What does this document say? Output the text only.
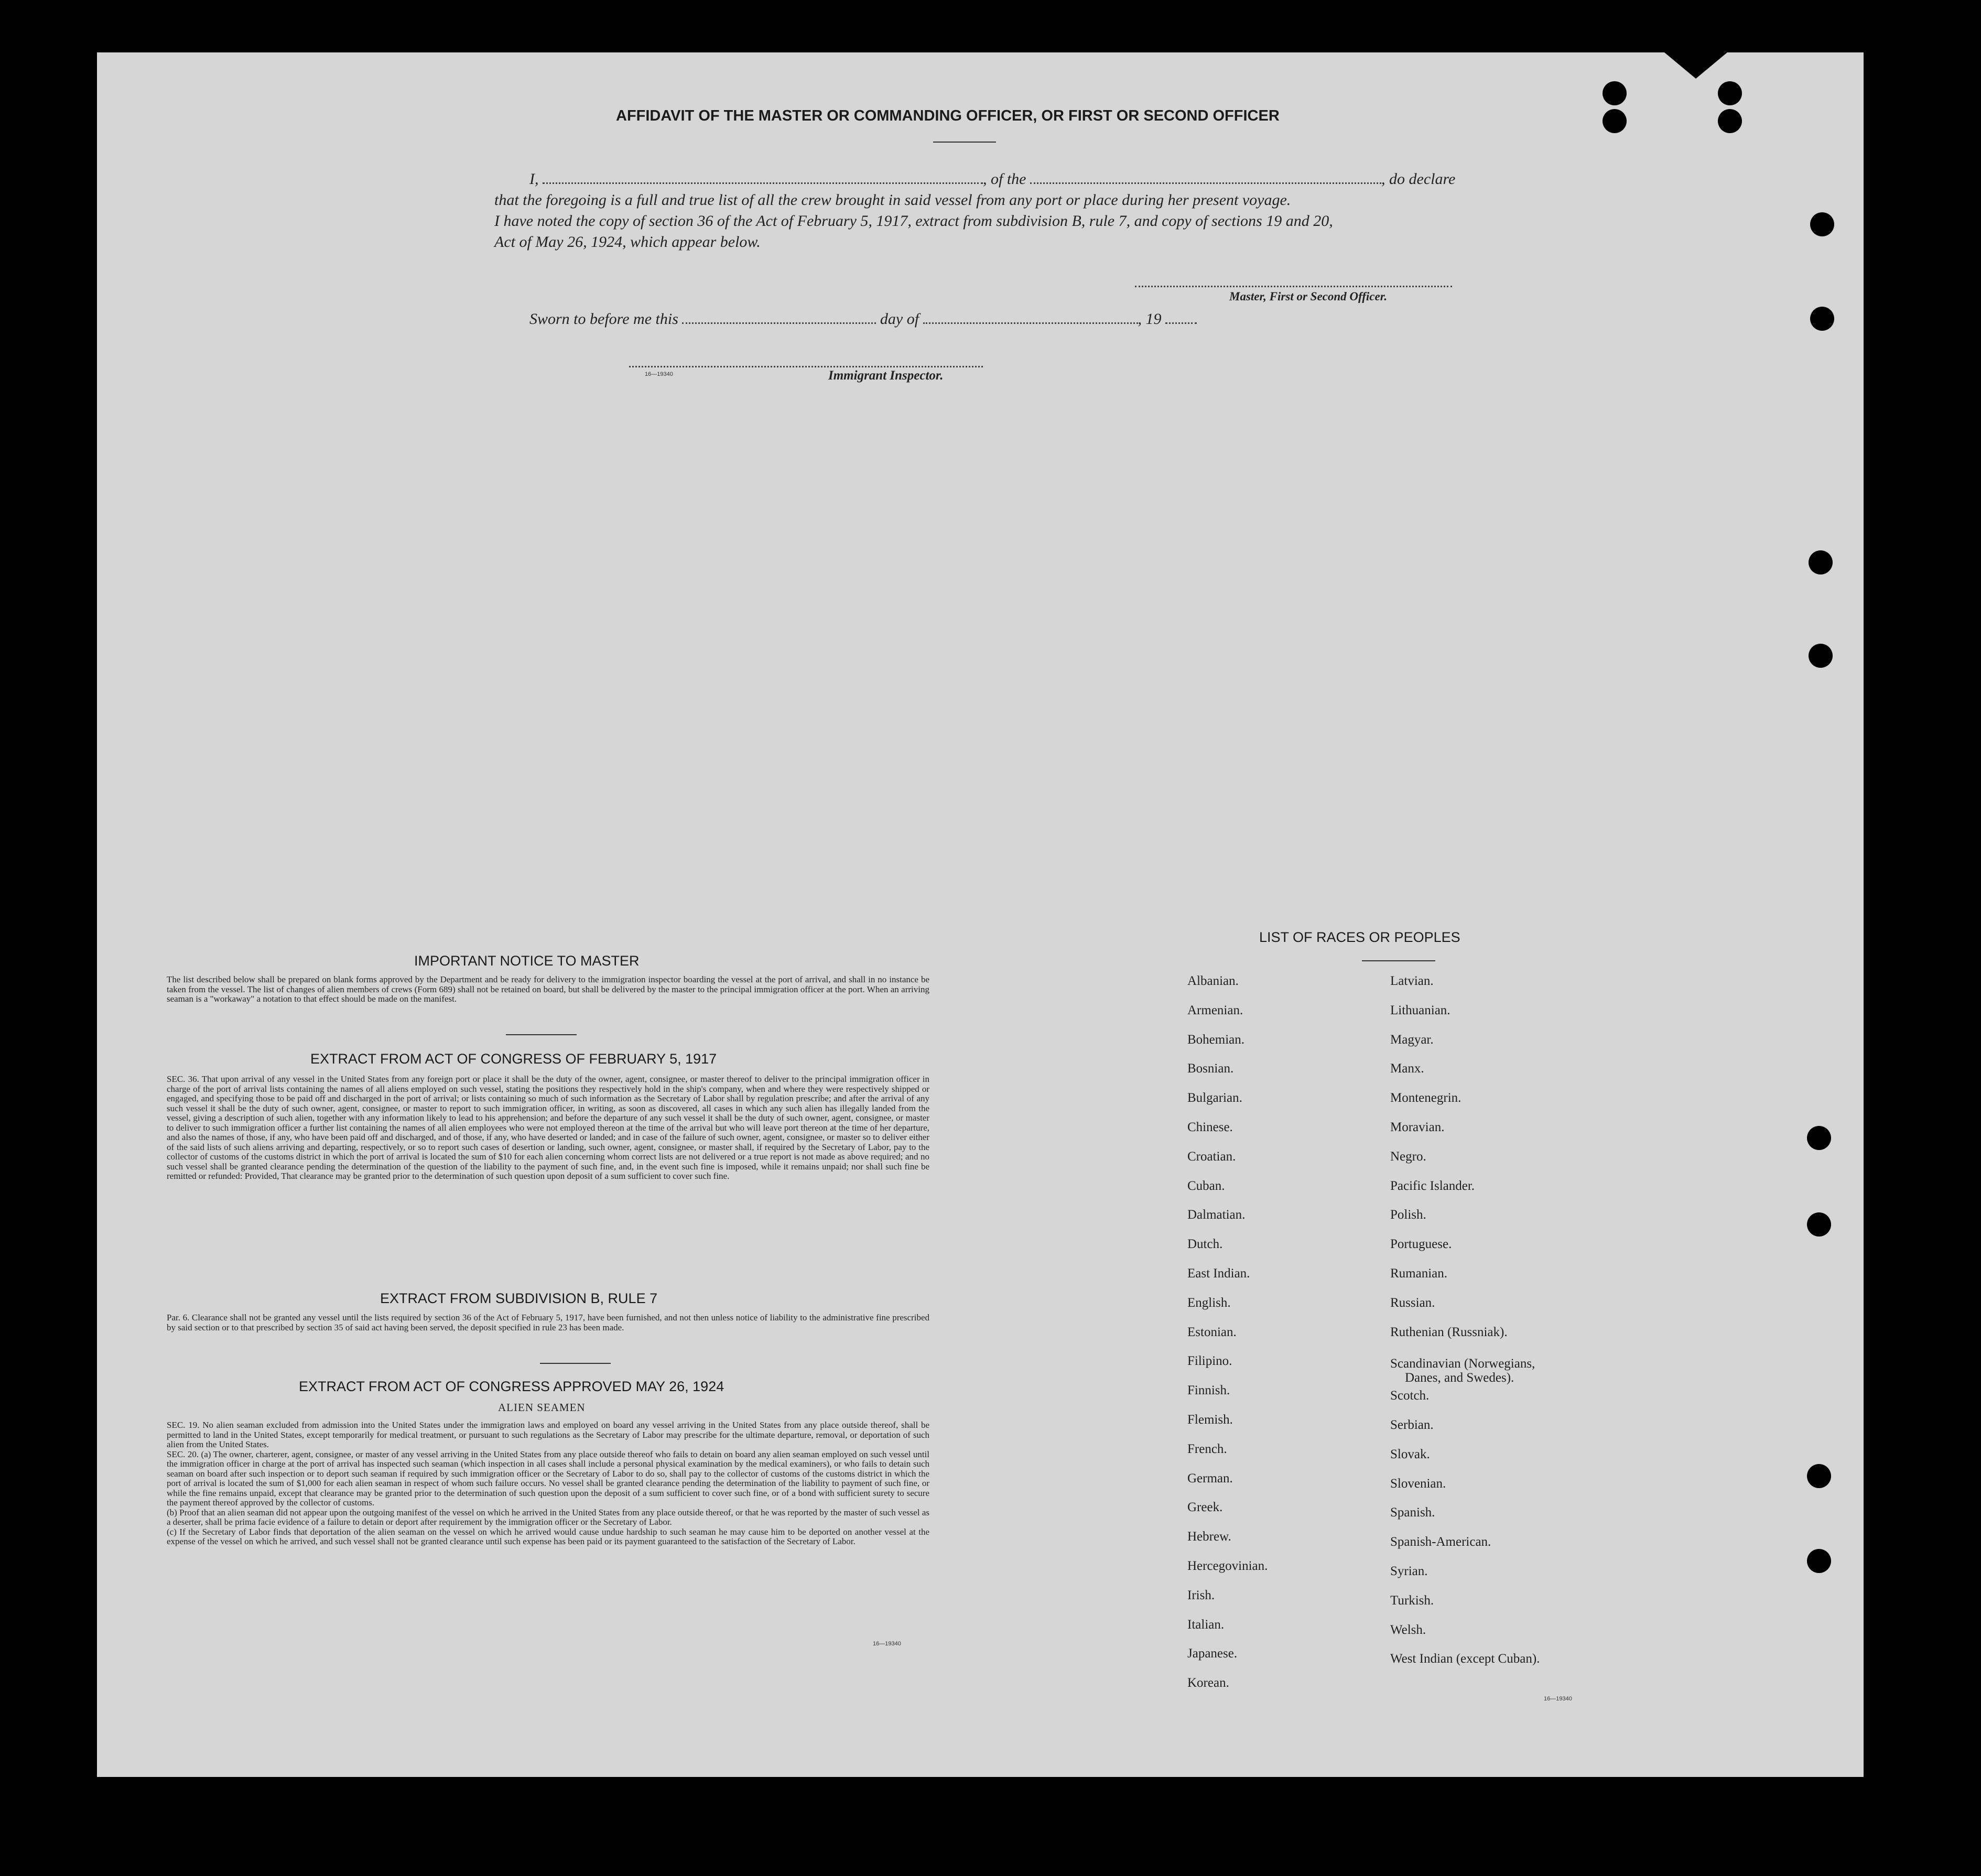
AFFIDAVIT OF THE MASTER OR COMMANDING OFFICER, OR FIRST OR SECOND OFFICER
I,	, of the	, do declare
that the foregoing is a full and true list of all the crew brought in said vessel from any port or place during her present voyage.
I have noted the copy of section 36 of the Act of February 5, 1917, extract from subdivision B, rule 7, and copy of sections 19 and 20,
Act of May 26, 1924, which appear below.
Master, First or Second Officer.
Sworn to before me this	day of	, 19
16—19340	Immigrant Inspector.
IMPORTANT NOTICE TO MASTER
The list described below shall be prepared on blank forms approved by the Department and be ready for delivery to the immigration inspector boarding the vessel at the port of arrival, and shall in no instance be taken from the vessel. The list of changes of alien members of crews (Form 689) shall not be retained on board, but shall be delivered by the master to the principal immigration officer at the port. When an arriving seaman is a "workaway" a notation to that effect should be made on the manifest.
EXTRACT FROM ACT OF CONGRESS OF FEBRUARY 5, 1917
SEC. 36. That upon arrival of any vessel in the United States from any foreign port or place it shall be the duty of the owner, agent, consignee, or master thereof to deliver to the principal immigration officer in charge of the port of arrival lists containing the names of all aliens employed on such vessel, stating the positions they respectively hold in the ship's company, when and where they were respectively shipped or engaged, and specifying those to be paid off and discharged in the port of arrival; or lists containing so much of such information as the Secretary of Labor shall by regulation prescribe; and after the arrival of any such vessel it shall be the duty of such owner, agent, consignee, or master to report to such immigration officer, in writing, as soon as discovered, all cases in which any such alien has illegally landed from the vessel, giving a description of such alien, together with any information likely to lead to his apprehension; and before the departure of any such vessel it shall be the duty of such owner, agent, consignee, or master to deliver to such immigration officer a further list containing the names of all alien employees who were not employed thereon at the time of the arrival but who will leave port thereon at the time of her departure, and also the names of those, if any, who have been paid off and discharged, and of those, if any, who have deserted or landed; and in case of the failure of such owner, agent, consignee, or master so to deliver either of the said lists of such aliens arriving and departing, respectively, or so to report such cases of desertion or landing, such owner, agent, consignee, or master shall, if required by the Secretary of Labor, pay to the collector of customs of the customs district in which the port of arrival is located the sum of $10 for each alien concerning whom correct lists are not delivered or a true report is not made as above required; and no such vessel shall be granted clearance pending the determination of the question of the liability to the payment of such fine, and, in the event such fine is imposed, while it remains unpaid; nor shall such fine be remitted or refunded: Provided, That clearance may be granted prior to the determination of such question upon deposit of a sum sufficient to cover such fine.
EXTRACT FROM SUBDIVISION B, RULE 7
Par. 6. Clearance shall not be granted any vessel until the lists required by section 36 of the Act of February 5, 1917, have been furnished, and not then unless notice of liability to the administrative fine prescribed by said section or to that prescribed by section 35 of said act having been served, the deposit specified in rule 23 has been made.
EXTRACT FROM ACT OF CONGRESS APPROVED MAY 26, 1924
ALIEN SEAMEN
SEC. 19. No alien seaman excluded from admission into the United States under the immigration laws and employed on board any vessel arriving in the United States from any place outside thereof, shall be permitted to land in the United States, except temporarily for medical treatment, or pursuant to such regulations as the Secretary of Labor may prescribe for the ultimate departure, removal, or deportation of such alien from the United States.
SEC. 20. (a) The owner, charterer, agent, consignee, or master of any vessel arriving in the United States from any place outside thereof who fails to detain on board any alien seaman employed on such vessel until the immigration officer in charge at the port of arrival has inspected such seaman (which inspection in all cases shall include a personal physical examination by the medical examiners), or who fails to detain such seaman on board after such inspection or to deport such seaman if required by such immigration officer or the Secretary of Labor to do so, shall pay to the collector of customs of the customs district in which the port of arrival is located the sum of $1,000 for each alien seaman in respect of whom such failure occurs. No vessel shall be granted clearance pending the determination of the liability to payment of such fine, or while the fine remains unpaid, except that clearance may be granted prior to the determination of such question upon the deposit of a sum sufficient to cover such fine, or of a bond with sufficient surety to secure the payment thereof approved by the collector of customs.
(b) Proof that an alien seaman did not appear upon the outgoing manifest of the vessel on which he arrived in the United States from any place outside thereof, or that he was reported by the master of such vessel as a deserter, shall be prima facie evidence of a failure to detain or deport after requirement by the immigration officer or the Secretary of Labor.
(c) If the Secretary of Labor finds that deportation of the alien seaman on the vessel on which he arrived would cause undue hardship to such seaman he may cause him to be deported on another vessel at the expense of the vessel on which he arrived, and such vessel shall not be granted clearance until such expense has been paid or its payment guaranteed to the satisfaction of the Secretary of Labor.
16—19340
LIST OF RACES OR PEOPLES
Albanian.
Armenian.
Bohemian.
Bosnian.
Bulgarian.
Chinese.
Croatian.
Cuban.
Dalmatian.
Dutch.
East Indian.
English.
Estonian.
Filipino.
Finnish.
Flemish.
French.
German.
Greek.
Hebrew.
Hercegovinian.
Irish.
Italian.
Japanese.
Korean.
Latvian.
Lithuanian.
Magyar.
Manx.
Montenegrin.
Moravian.
Negro.
Pacific Islander.
Polish.
Portuguese.
Rumanian.
Russian.
Ruthenian (Russniak).
Scandinavian (Norwegians,
Danes, and Swedes).
Scotch.
Serbian.
Slovak.
Slovenian.
Spanish.
Spanish-American.
Syrian.
Turkish.
Welsh.
West Indian (except Cuban).
16—19340
